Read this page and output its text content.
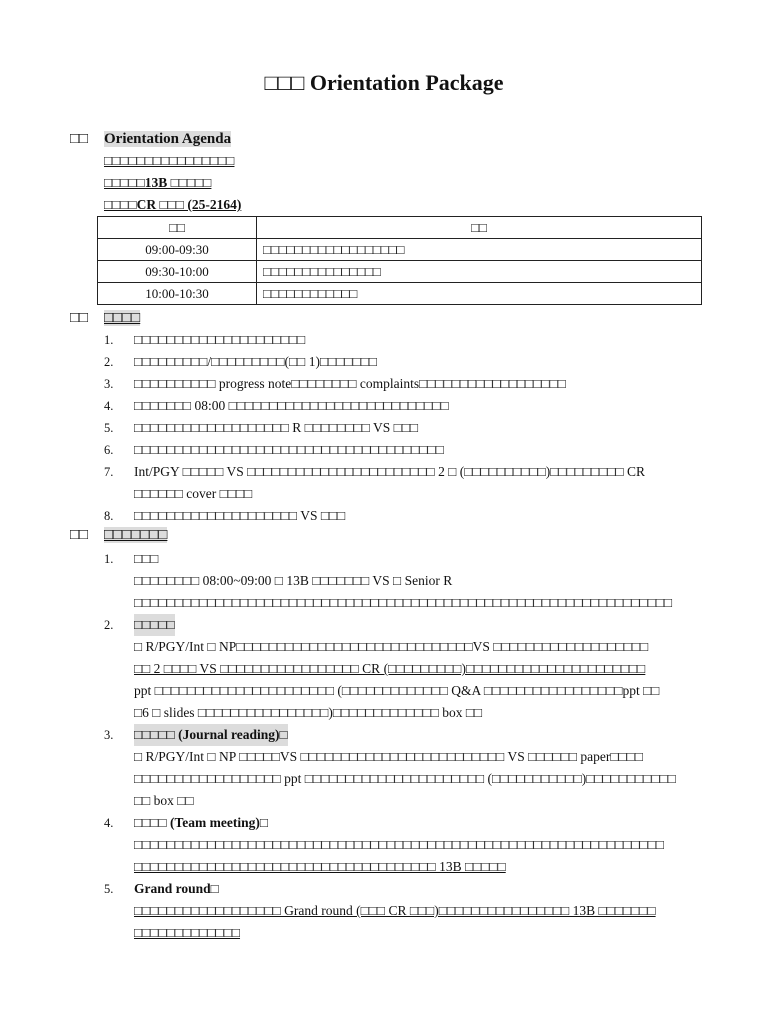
□□□ Orientation Package
□□ Orientation Agenda
□□□□□□□□□□□□□□□□
□□□□□13B □□□□□
□□□□CR □□□ (25-2164)
□□	□□
09:00-09:30	□□□□□□□□□□□□□□□□□□
09:30-10:00	□□□□□□□□□□□□□□□
10:00-10:30	□□□□□□□□□□□□
□□ □□□□
1. □□□□□□□□□□□□□□□□□□□□□
2. □□□□□□□□□/□□□□□□□□□(□□ 1)□□□□□□□
3. □□□□□□□□□□ progress note□□□□□□□□ complaints□□□□□□□□□□□□□□□□□□
4. □□□□□□□ 08:00 □□□□□□□□□□□□□□□□□□□□□□□□□□□
5. □□□□□□□□□□□□□□□□□□□ R □□□□□□□□ VS □□□
6. □□□□□□□□□□□□□□□□□□□□□□□□□□□□□□□□□□□□□□
7. Int/PGY □□□□□ VS □□□□□□□□□□□□□□□□□□□□□□□ 2 □ (□□□□□□□□□□)□□□□□□□□□ CR □□□□□□ cover □□□□
8. □□□□□□□□□□□□□□□□□□□□ VS □□□
□□ □□□□□□□
1. □□□
□□□□□□□□ 08:00~09:00 □ 13B □□□□□□□ VS □ Senior R □□□□□□□□□□□□□□□□□□□□□□□□□□□□□□□□□□□□□□□□□□□□□□□□□□□□□□□□□□□□□□□□□□
2. □□□□□
□ R/PGY/Int □ NP□□□□□□□□□□□□□□□□□□□□□□□□□□□□□VS □□□□□□□□□□□□□□□□□□□
□□ 2 □□□□ VS □□□□□□□□□□□□□□□□□ CR (□□□□□□□□□)□□□□□□□□□□□□□□□□□□□□□□
ppt □□□□□□□□□□□□□□□□□□□□□□ (□□□□□□□□□□□□□ Q&A □□□□□□□□□□□□□□□□□ppt □□
□6 □ slides □□□□□□□□□□□□□□□□)□□□□□□□□□□□□□ box □□
3. □□□□□ (Journal reading)□
□ R/PGY/Int □ NP □□□□□VS □□□□□□□□□□□□□□□□□□□□□□□□□ VS □□□□□□ paper□□□□
□□□□□□□□□□□□□□□□□□ ppt □□□□□□□□□□□□□□□□□□□□□□ (□□□□□□□□□□□)□□□□□□□□□□□
□□ box □□
4. □□□□ (Team meeting)□
□□□□□□□□□□□□□□□□□□□□□□□□□□□□□□□□□□□□□□□□□□□□□□□□□□□□□□□□□□□□□□□□□
□□□□□□□□□□□□□□□□□□□□□□□□□□□□□□□□□□□□□ 13B □□□□□
5. Grand round□
□□□□□□□□□□□□□□□□□□ Grand round (□□□ CR □□□)□□□□□□□□□□□□□□□□ 13B □□□□□□□
□□□□□□□□□□□□□
